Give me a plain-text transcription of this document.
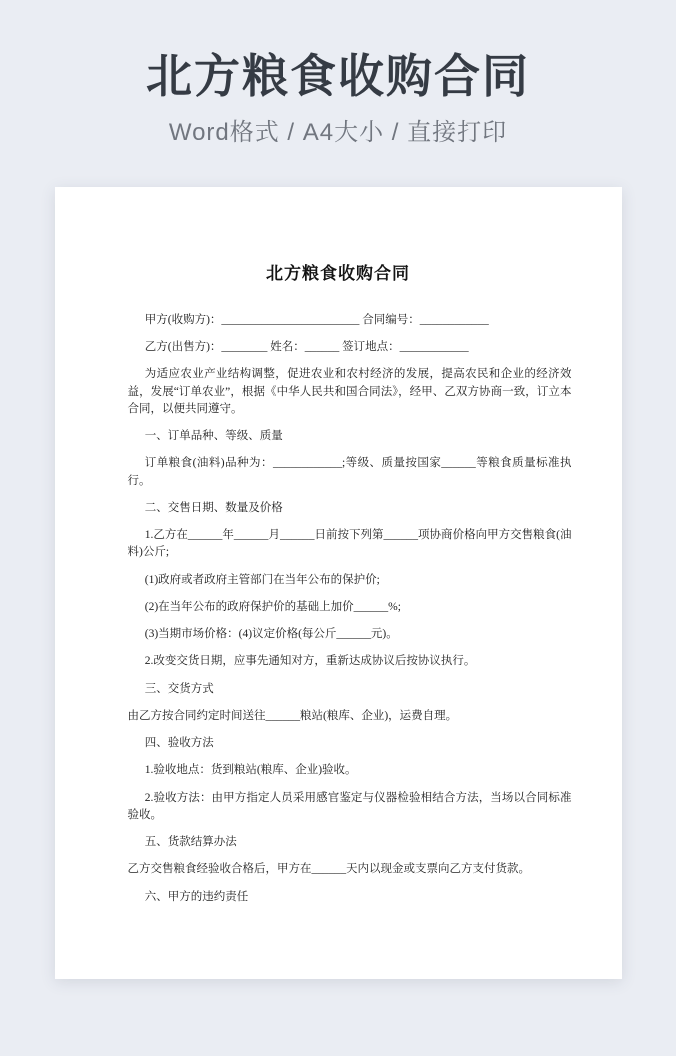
北方粮食收购合同

Word格式 / A4大小 / 直接打印

北方粮食收购合同

甲方(收购方)：________________________ 合同编号：____________

乙方(出售方)：________ 姓名：______ 签订地点：____________

为适应农业产业结构调整，促进农业和农村经济的发展，提高农民和企业的经济效益，发展“订单农业”，根据《中华人民共和国合同法》，经甲、乙双方协商一致，订立本合同，以便共同遵守。

一、订单品种、等级、质量

订单粮食(油料)品种为：____________;等级、质量按国家______等粮食质量标准执行。

二、交售日期、数量及价格

1.乙方在______年______月______日前按下列第______项协商价格向甲方交售粮食(油料)公斤;

(1)政府或者政府主管部门在当年公布的保护价;

(2)在当年公布的政府保护价的基础上加价______%;

(3)当期市场价格：(4)议定价格(每公斤______元)。

2.改变交货日期，应事先通知对方，重新达成协议后按协议执行。

三、交货方式

由乙方按合同约定时间送往______粮站(粮库、企业)，运费自理。

四、验收方法

1.验收地点：货到粮站(粮库、企业)验收。

2.验收方法：由甲方指定人员采用感官鉴定与仪器检验相结合方法，当场以合同标准验收。

五、货款结算办法

乙方交售粮食经验收合格后，甲方在______天内以现金或支票向乙方支付货款。

六、甲方的违约责任
